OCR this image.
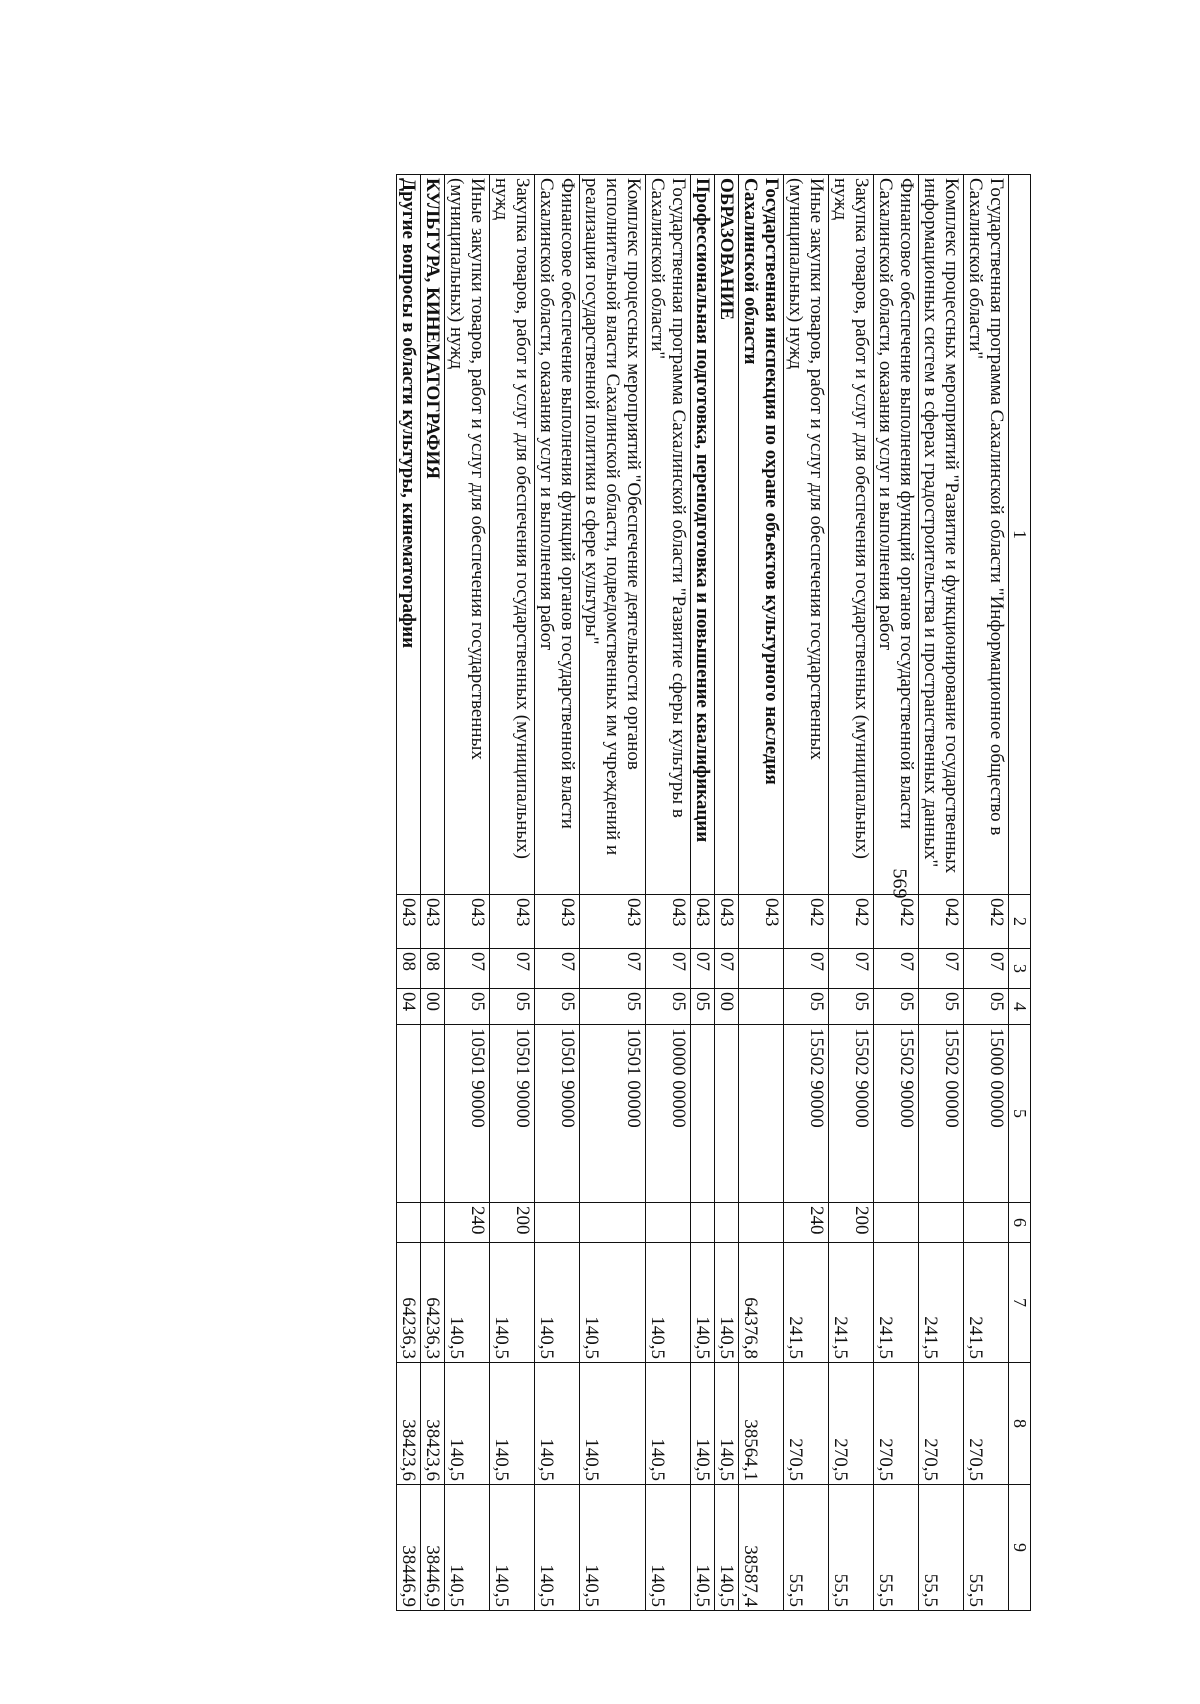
569
1	2	3	4	5	6	7	8	9
Государственная программа Сахалинской области "Информационное общество в Сахалинской области"	042	07	05	15000 00000		241,5	270,5	55,5
Комплекс процессных мероприятий "Развитие и функционирование государственных информационных систем в сферах градостроительства и пространственных данных"	042	07	05	15502 00000		241,5	270,5	55,5
Финансовое обеспечение выполнения функций органов государственной власти Сахалинской области, оказания услуг и выполнения работ	042	07	05	15502 90000		241,5	270,5	55,5
Закупка товаров, работ и услуг для обеспечения государственных (муниципальных) нужд	042	07	05	15502 90000	200	241,5	270,5	55,5
Иные закупки товаров, работ и услуг для обеспечения государственных (муниципальных) нужд	042	07	05	15502 90000	240	241,5	270,5	55,5
Государственная инспекция по охране объектов культурного наследия Сахалинской области	043					64376,8	38564,1	38587,4
ОБРАЗОВАНИЕ	043	07	00			140,5	140,5	140,5
Профессиональная подготовка, переподготовка и повышение квалификации	043	07	05			140,5	140,5	140,5
Государственная программа Сахалинской области "Развитие сферы культуры в Сахалинской области"	043	07	05	10000 00000		140,5	140,5	140,5
Комплекс процессных мероприятий "Обеспечение деятельности органов исполнительной власти Сахалинской области, подведомственных им учреждений и реализация государственной политики в сфере культуры"	043	07	05	10501 00000		140,5	140,5	140,5
Финансовое обеспечение выполнения функций органов государственной власти Сахалинской области, оказания услуг и выполнения работ	043	07	05	10501 90000		140,5	140,5	140,5
Закупка товаров, работ и услуг для обеспечения государственных (муниципальных) нужд	043	07	05	10501 90000	200	140,5	140,5	140,5
Иные закупки товаров, работ и услуг для обеспечения государственных (муниципальных) нужд	043	07	05	10501 90000	240	140,5	140,5	140,5
КУЛЬТУРА, КИНЕМАТОГРАФИЯ	043	08	00			64236,3	38423,6	38446,9
Другие вопросы в области культуры, кинематографии	043	08	04			64236,3	38423,6	38446,9
